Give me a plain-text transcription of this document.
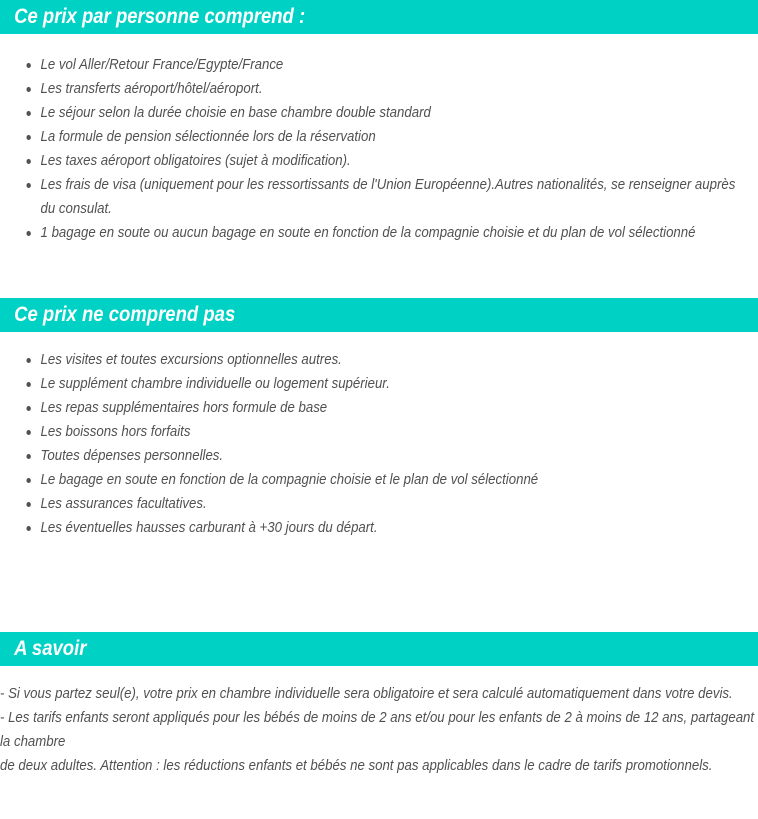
Ce prix par personne comprend :
Le vol Aller/Retour France/Egypte/France
Les transferts aéroport/hôtel/aéroport.
Le séjour selon la durée choisie en base chambre double standard
La formule de pension sélectionnée lors de la réservation
Les taxes aéroport obligatoires (sujet à modification).
Les frais de visa (uniquement pour les ressortissants de l'Union Européenne).Autres nationalités, se renseigner auprès du consulat.
1 bagage en soute ou aucun bagage en soute en fonction de la compagnie choisie et du plan de vol sélectionné
Ce prix ne comprend pas
Les visites et toutes excursions optionnelles autres.
Le supplément chambre individuelle ou logement supérieur.
Les repas supplémentaires hors formule de base
Les boissons hors forfaits
Toutes dépenses personnelles.
Le bagage en soute en fonction de la compagnie choisie et le plan de vol sélectionné
Les assurances facultatives.
Les éventuelles hausses carburant à +30 jours du départ.
A savoir

- Si vous partez seul(e), votre prix en chambre individuelle sera obligatoire et sera calculé automatiquement dans votre devis.

- Les tarifs enfants seront appliqués pour les bébés de moins de 2 ans et/ou pour les enfants de 2 à moins de 12 ans, partageant la chambre

de deux adultes. Attention : les réductions enfants et bébés ne sont pas applicables dans le cadre de tarifs promotionnels.
